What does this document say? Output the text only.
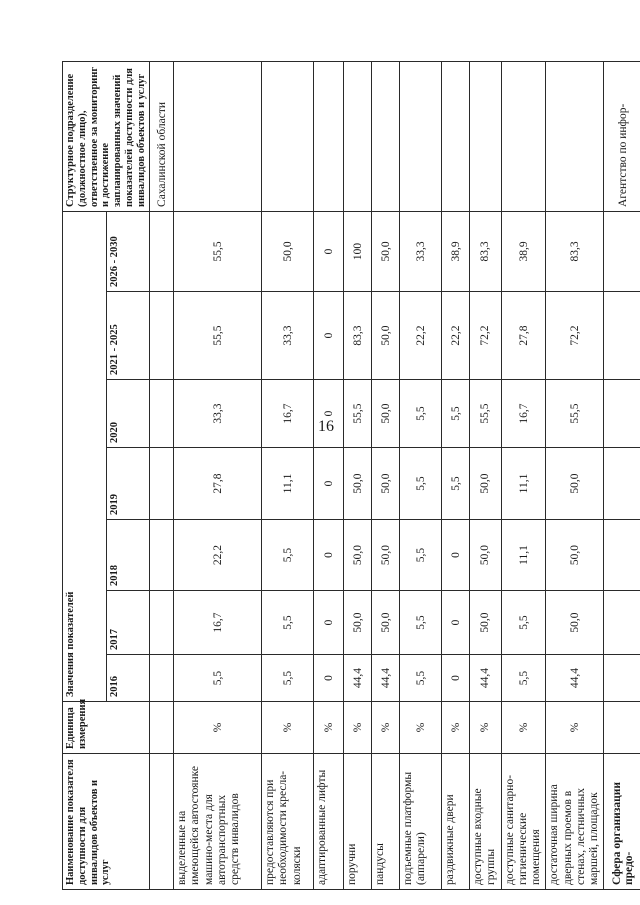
16
Наименование показателя доступности для инвалидов объектов и услуг	Единица измерения	Значения показателей							Структурное подразделение (должностное лицо), ответственное за мониторинг и достижение запланированных значений показателей доступности для инвалидов объектов и услуг
		2016	2017	2018	2019	2020	2021 - 2025	2026 - 2030	
									Сахалинской области
выделенные на имеющейся автостоянке машино-места для автотранспортных средств инвалидов	%	5,5	16,7	22,2	27,8	33,3	55,5	55,5	
предоставляются при необходимости кресла-коляски	%	5,5	5,5	5,5	11,1	16,7	33,3	50,0	
адаптированные лифты	%	0	0	0	0	0	0	0	
поручни	%	44,4	50,0	50,0	50,0	55,5	83,3	100	
пандусы	%	44,4	50,0	50,0	50,0	50,0	50,0	50,0	
подъемные платформы (аппарели)	%	5,5	5,5	5,5	5,5	5,5	22,2	33,3	
раздвижные двери	%	0	0	0	5,5	5,5	22,2	38,9	
доступные входные группы	%	44,4	50,0	50,0	50,0	55,5	72,2	83,3	
доступные санитарно-гигиенические помещения	%	5,5	5,5	11,1	11,1	16,7	27,8	38,9	
достаточная ширина дверных проемов в стенах, лестничных маршей, площадок	%	44,4	50,0	50,0	50,0	55,5	72,2	83,3	
Сфера организации предо-									Агентство по инфор-
